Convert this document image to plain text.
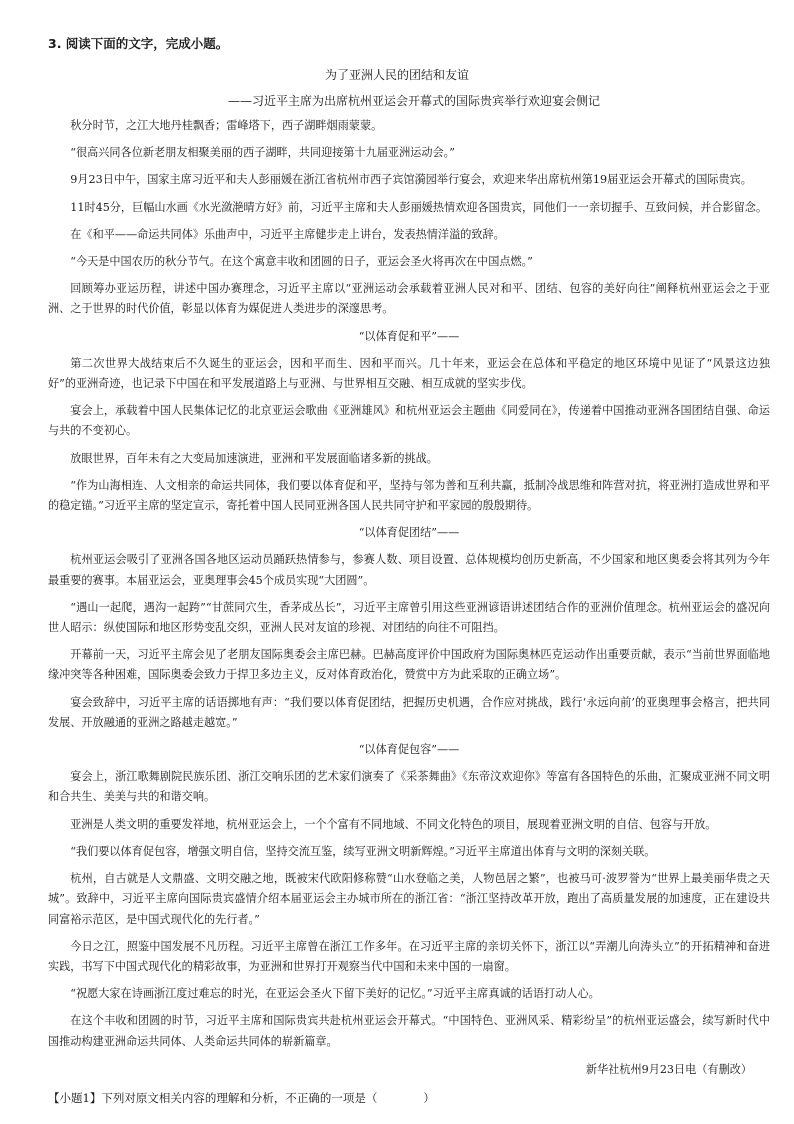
3. 阅读下面的文字，完成小题。
为了亚洲人民的团结和友谊
——习近平主席为出席杭州亚运会开幕式的国际贵宾举行欢迎宴会侧记

秋分时节，之江大地丹桂飘香；雷峰塔下，西子湖畔烟雨蒙蒙。

“很高兴同各位新老朋友相聚美丽的西子湖畔，共同迎接第十九届亚洲运动会。”

9月23日中午，国家主席习近平和夫人彭丽媛在浙江省杭州市西子宾馆漪园举行宴会，欢迎来华出席杭州第19届亚运会开幕式的国际贵宾。

11时45分，巨幅山水画《水光潋滟晴方好》前，习近平主席和夫人彭丽媛热情欢迎各国贵宾，同他们一一亲切握手、互致问候，并合影留念。

在《和平——命运共同体》乐曲声中，习近平主席健步走上讲台，发表热情洋溢的致辞。

“今天是中国农历的秋分节气。在这个寓意丰收和团圆的日子，亚运会圣火将再次在中国点燃。”

回顾筹办亚运历程，讲述中国办赛理念，习近平主席以“亚洲运动会承载着亚洲人民对和平、团结、包容的美好向往”阐释杭州亚运会之于亚洲、之于世界的时代价值，彰显以体育为媒促进人类进步的深邃思考。

“以体育促和平”——

第二次世界大战结束后不久诞生的亚运会，因和平而生、因和平而兴。几十年来，亚运会在总体和平稳定的地区环境中见证了“风景这边独好”的亚洲奇迹，也记录下中国在和平发展道路上与亚洲、与世界相互交融、相互成就的坚实步伐。

宴会上，承载着中国人民集体记忆的北京亚运会歌曲《亚洲雄风》和杭州亚运会主题曲《同爱同在》，传递着中国推动亚洲各国团结自强、命运与共的不变初心。

放眼世界，百年未有之大变局加速演进，亚洲和平发展面临诸多新的挑战。

“作为山海相连、人文相亲的命运共同体，我们要以体育促和平，坚持与邻为善和互利共赢，抵制冷战思维和阵营对抗，将亚洲打造成世界和平的稳定锚。”习近平主席的坚定宣示，寄托着中国人民同亚洲各国人民共同守护和平家园的殷殷期待。

“以体育促团结”——

杭州亚运会吸引了亚洲各国各地区运动员踊跃热情参与，参赛人数、项目设置、总体规模均创历史新高，不少国家和地区奥委会将其列为今年最重要的赛事。本届亚运会，亚奥理事会45个成员实现“大团圆”。

“遇山一起爬，遇沟一起跨”“甘蔗同穴生，香茅成丛长”，习近平主席曾引用这些亚洲谚语讲述团结合作的亚洲价值理念。杭州亚运会的盛况向世人昭示：纵使国际和地区形势变乱交织，亚洲人民对友谊的珍视、对团结的向往不可阻挡。

开幕前一天，习近平主席会见了老朋友国际奥委会主席巴赫。巴赫高度评价中国政府为国际奥林匹克运动作出重要贡献，表示“当前世界面临地缘冲突等各种困难，国际奥委会致力于捍卫多边主义，反对体育政治化，赞赏中方为此采取的正确立场”。

宴会致辞中，习近平主席的话语掷地有声：“我们要以体育促团结，把握历史机遇，合作应对挑战，践行‘永远向前’的亚奥理事会格言，把共同发展、开放融通的亚洲之路越走越宽。”

“以体育促包容”——

宴会上，浙江歌舞剧院民族乐团、浙江交响乐团的艺术家们演奏了《采茶舞曲》《东帝汶欢迎你》等富有各国特色的乐曲，汇聚成亚洲不同文明和合共生、美美与共的和谐交响。

亚洲是人类文明的重要发祥地，杭州亚运会上，一个个富有不同地域、不同文化特色的项目，展现着亚洲文明的自信、包容与开放。

“我们要以体育促包容，增强文明自信，坚持交流互鉴，续写亚洲文明新辉煌。”习近平主席道出体育与文明的深刻关联。

杭州，自古就是人文鼎盛、文明交融之地，既被宋代欧阳修称赞“山水登临之美，人物邑居之繁”，也被马可·波罗誉为“世界上最美丽华贵之天城”。致辞中，习近平主席向国际贵宾盛情介绍本届亚运会主办城市所在的浙江省：“浙江坚持改革开放，跑出了高质量发展的加速度，正在建设共同富裕示范区，是中国式现代化的先行者。”

今日之江，照鉴中国发展不凡历程。习近平主席曾在浙江工作多年。在习近平主席的亲切关怀下，浙江以“弄潮儿向涛头立”的开拓精神和奋进实践，书写下中国式现代化的精彩故事，为亚洲和世界打开观察当代中国和未来中国的一扇窗。

“祝愿大家在诗画浙江度过难忘的时光，在亚运会圣火下留下美好的记忆。”习近平主席真诚的话语打动人心。

在这个丰收和团圆的时节，习近平主席和国际贵宾共赴杭州亚运会开幕式。“中国特色、亚洲风采、精彩纷呈”的杭州亚运盛会，续写新时代中国推动构建亚洲命运共同体、人类命运共同体的崭新篇章。

新华社杭州9月23日电（有删改）
【小题1】下列对原文相关内容的理解和分析，不正确的一项是（　　　　）
